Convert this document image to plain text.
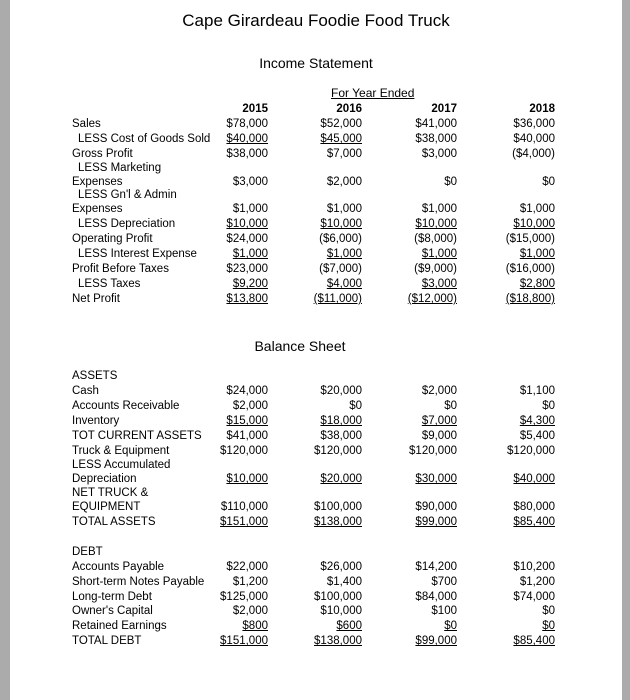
Cape Girardeau Foodie Food Truck
Income Statement
For Year Ended
2015	2016	2017	2018
Sales	$78,000	$52,000	$41,000	$36,000
LESS Cost of Goods Sold	$40,000	$45,000	$38,000	$40,000
Gross Profit	$38,000	$7,000	$3,000	($4,000)
LESS Marketing
Expenses	$3,000	$2,000	$0	$0
LESS Gn'l & Admin
Expenses	$1,000	$1,000	$1,000	$1,000
LESS Depreciation	$10,000	$10,000	$10,000	$10,000
Operating Profit	$24,000	($6,000)	($8,000)	($15,000)
LESS Interest Expense	$1,000	$1,000	$1,000	$1,000
Profit Before Taxes	$23,000	($7,000)	($9,000)	($16,000)
LESS Taxes	$9,200	$4,000	$3,000	$2,800
Net Profit	$13,800	($11,000)	($12,000)	($18,800)
Balance Sheet
ASSETS
Cash	$24,000	$20,000	$2,000	$1,100
Accounts Receivable	$2,000	$0	$0	$0
Inventory	$15,000	$18,000	$7,000	$4,300
TOT CURRENT ASSETS	$41,000	$38,000	$9,000	$5,400
Truck & Equipment	$120,000	$120,000	$120,000	$120,000
LESS Accumulated
Depreciation	$10,000	$20,000	$30,000	$40,000
NET TRUCK &
EQUIPMENT	$110,000	$100,000	$90,000	$80,000
TOTAL ASSETS	$151,000	$138,000	$99,000	$85,400
DEBT
Accounts Payable	$22,000	$26,000	$14,200	$10,200
Short-term Notes Payable	$1,200	$1,400	$700	$1,200
Long-term Debt	$125,000	$100,000	$84,000	$74,000
Owner's Capital	$2,000	$10,000	$100	$0
Retained Earnings	$800	$600	$0	$0
TOTAL DEBT	$151,000	$138,000	$99,000	$85,400
